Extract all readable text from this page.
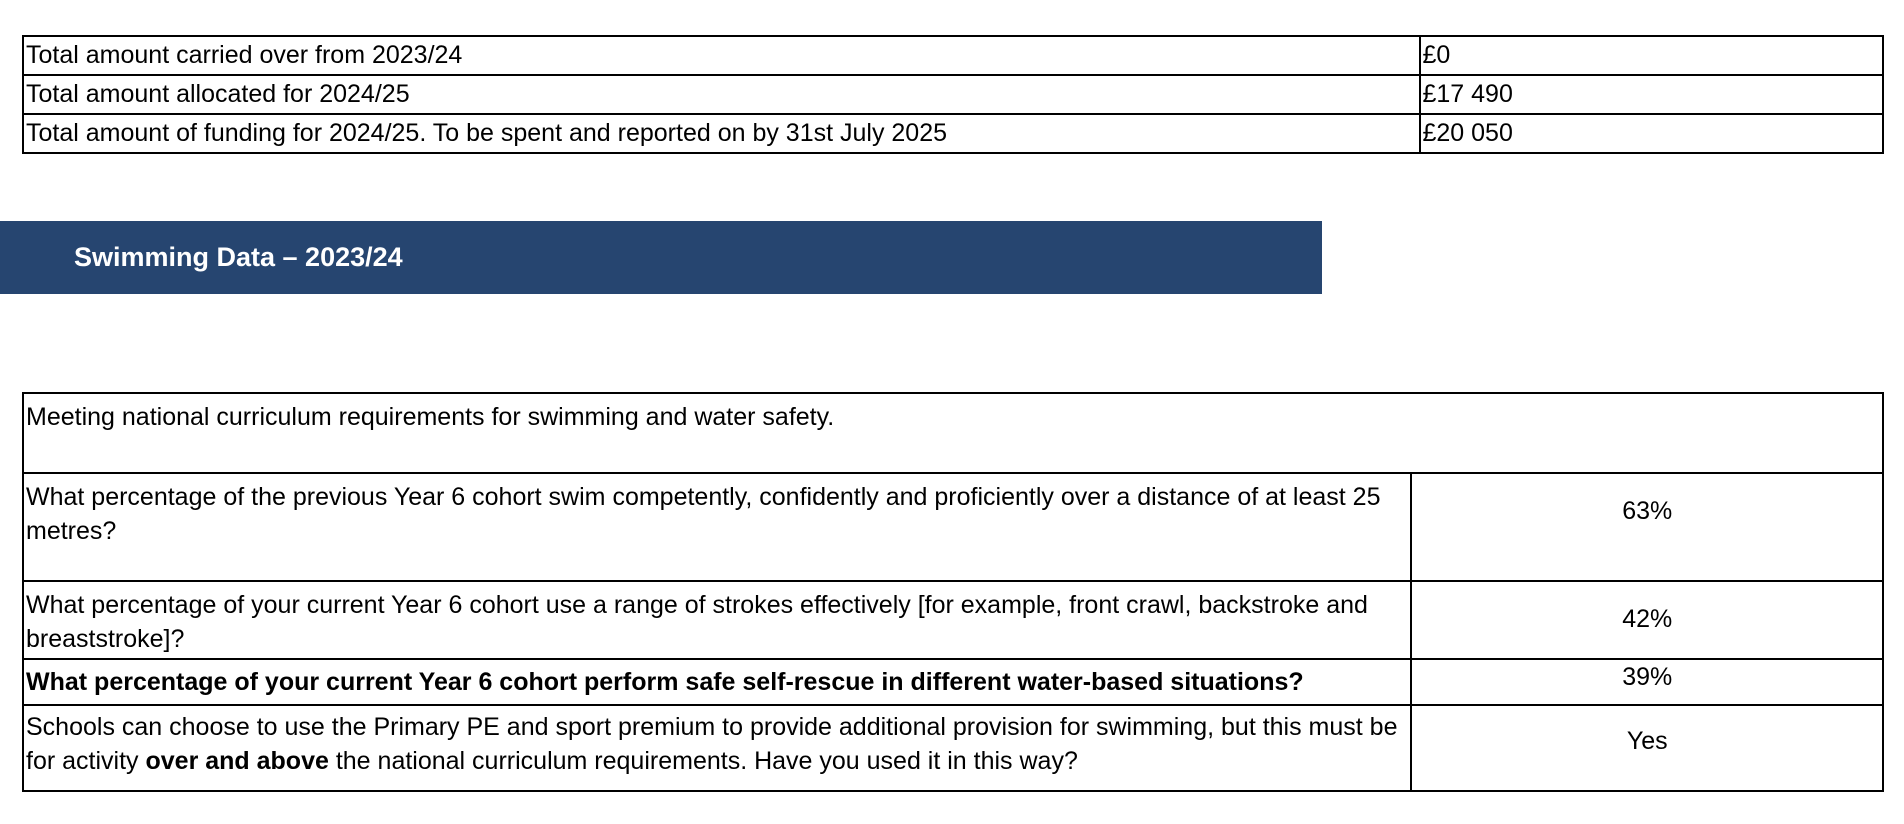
Total amount carried over from 2023/24	£0
Total amount allocated for 2024/25	£17 490
Total amount of funding for 2024/25. To be spent and reported on by 31st July 2025	£20 050
Swimming Data – 2023/24
Meeting national curriculum requirements for swimming and water safety.	
What percentage of the previous Year 6 cohort swim competently, confidently and proficiently over a distance of at least 25 metres?	63%
What percentage of your current Year 6 cohort use a range of strokes effectively [for example, front crawl, backstroke and breaststroke]?	42%
What percentage of your current Year 6 cohort perform safe self-rescue in different water-based situations?	39%
Schools can choose to use the Primary PE and sport premium to provide additional provision for swimming, but this must be for activity over and above the national curriculum requirements. Have you used it in this way?	Yes
